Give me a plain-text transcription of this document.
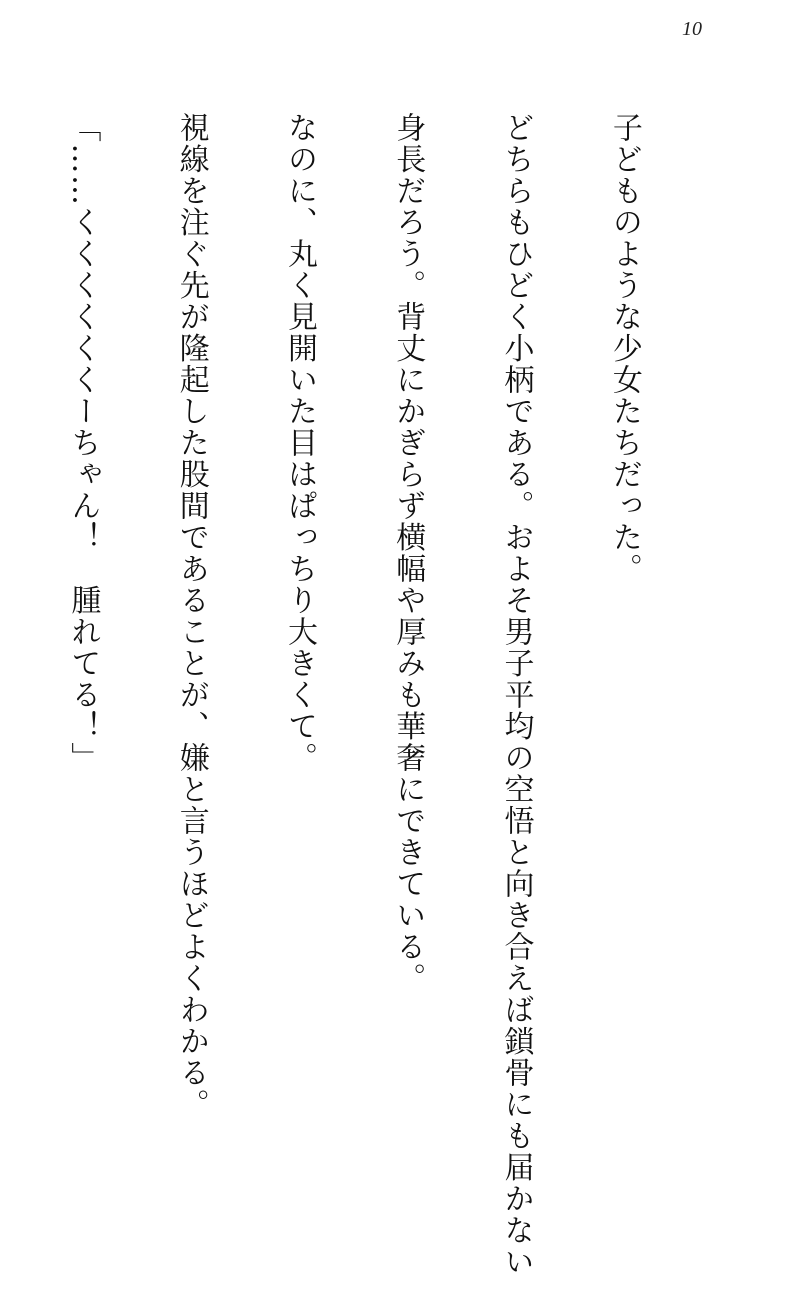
10

子どものような少女たちだった。

どちらもひどく小柄である。およそ男子平均の空悟と向き合えば鎖骨にも届かない

身長だろう。背丈にかぎらず横幅や厚みも華奢にできている。

なのに、丸く見開いた目はぱっちり大きくて。

視線を注ぐ先が隆起した股間であることが、嫌と言うほどよくわかる。

「……くくくくくくーちゃん！　腫れてる！」
